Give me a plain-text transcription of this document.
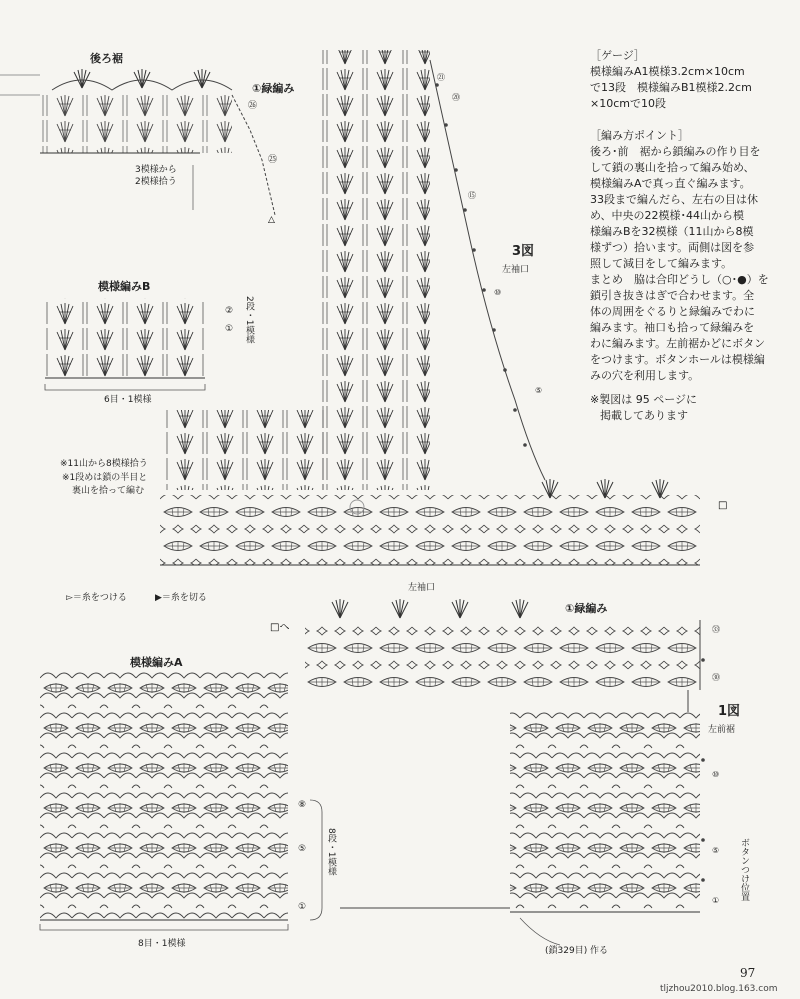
△
□
□へ
後ろ裾
①緑編み
㉖
㉕
3模様から
2模様拾う
模様編みB
②
① 2段・1模様
6目・1模様
3図
左袖口
㉑
⑳
⑮
⑩
⑤
※11山から8模様拾う
※1段めは鎖の半目と
裏山を拾って編む
▻＝糸をつける	▶＝糸を切る
模様編みA
⑧
⑤
①
8段・1模様
8目・1模様
左袖口
①緑編み
1図
左前裾
㉝
㉚
⑩
⑤
① ボタンつけ位置
(鎖329目) 作る
［ゲージ］
模様編みA1模様3.2cm×10cm
で13段　模様編みB1模様2.2cm
×10cmで10段
［編み方ポイント］
後ろ･前　裾から鎖編みの作り目を
して鎖の裏山を拾って編み始め、
模様編みAで真っ直ぐ編みます。
33段まで編んだら、左右の目は休
め、中央の22模様･44山から模
様編みBを32模様（11山から8模
様ずつ）拾います。両側は図を参
照して減目をして編みます。
まとめ　脇は合印どうし（○･●）を
鎖引き抜きはぎで合わせます。全
体の周囲をぐるりと緑編みでわに
編みます。袖口も拾って緑編みを
わに編みます。左前裾かどにボタン
をつけます。ボタンホールは模様編
みの穴を利用します。
※製図は 95 ページに
掲載してあります
97
tljzhou2010.blog.163.com
